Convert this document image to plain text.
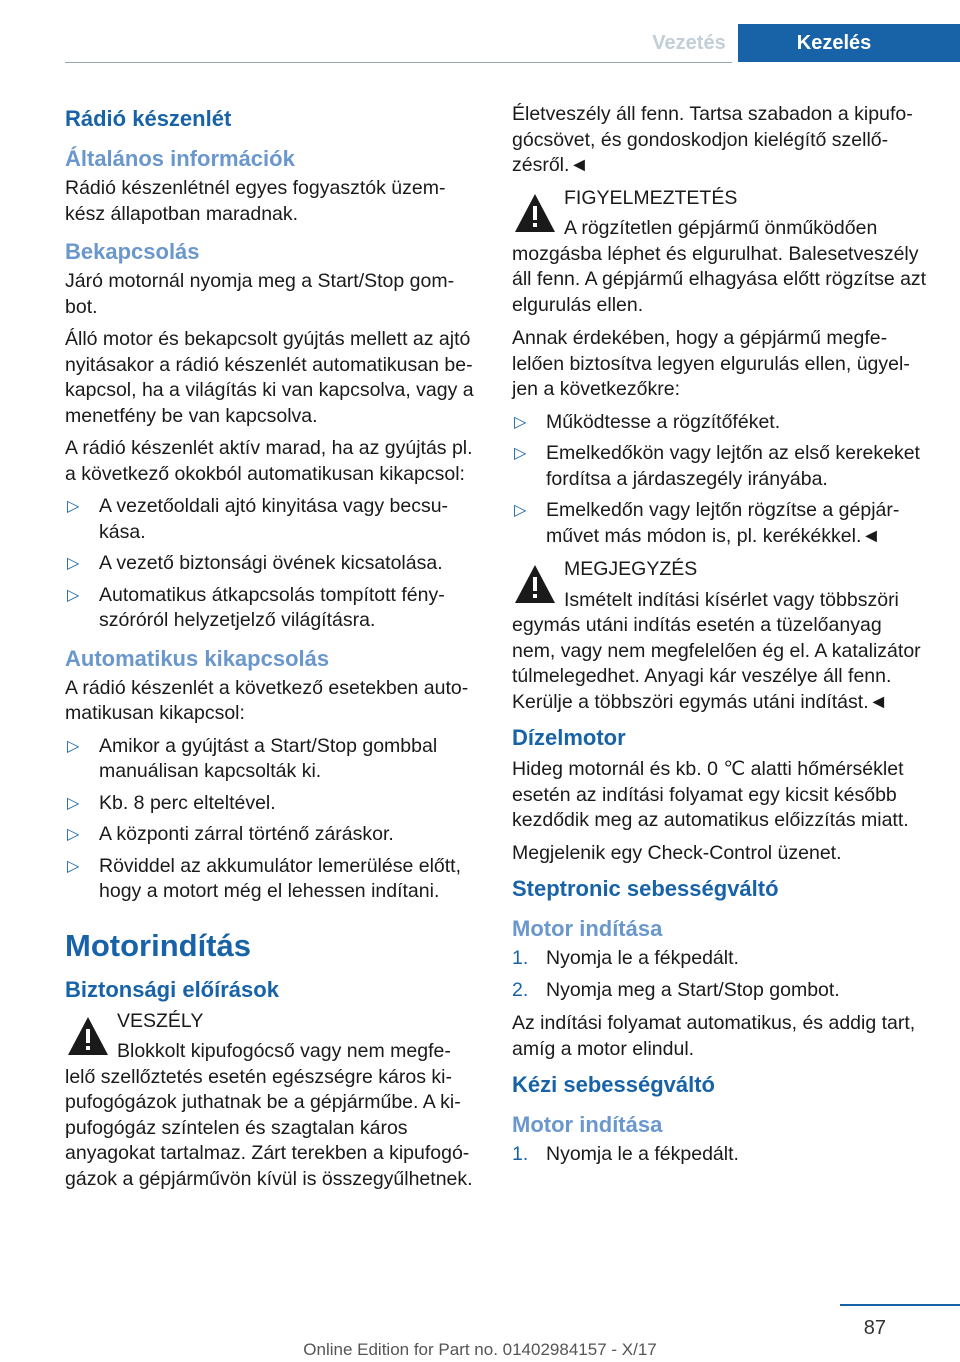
Vezetés	Kezelés
Rádió készenlét
Általános információk

Rádió készenlétnél egyes fogyasztók üzem-kész állapotban maradnak.

Bekapcsolás

Járó motornál nyomja meg a Start/Stop gom-bot.

Álló motor és bekapcsolt gyújtás mellett az ajtó nyitásakor a rádió készenlét automatikusan be-kapcsol, ha a világítás ki van kapcsolva, vagy a menetfény be van kapcsolva.

A rádió készenlét aktív marad, ha az gyújtás pl. a következő okokból automatikusan kikapcsol:

▷ A vezetőoldali ajtó kinyitása vagy becsu-kása.
▷ A vezető biztonsági övének kicsatolása.
▷ Automatikus átkapcsolás tompított fény-szóróról helyzetjelző világításra.
Automatikus kikapcsolás

A rádió készenlét a következő esetekben auto-matikusan kikapcsol:

▷ Amikor a gyújtást a Start/Stop gombbal manuálisan kapcsolták ki.
▷ Kb. 8 perc elteltével.
▷ A központi zárral történő záráskor.
▷ Röviddel az akkumulátor lemerülése előtt, hogy a motort még el lehessen indítani.
Motorindítás
Biztonsági előírások
VESZÉLY
Blokkolt kipufogócső vagy nem megfe-

lelő szellőztetés esetén egészségre káros ki-pufogógázok juthatnak be a gépjárműbe. A ki-pufogógáz színtelen és szagtalan káros anyagokat tartalmaz. Zárt terekben a kipufogó-gázok a gépjárművön kívül is összegyűlhetnek.

Életveszély áll fenn. Tartsa szabadon a kipufo-gócsövet, és gondoskodjon kielégítő szellő-zésről.◄

FIGYELMEZTETÉS
A rögzítetlen gépjármű önműködően

mozgásba léphet és elgurulhat. Balesetveszély áll fenn. A gépjármű elhagyása előtt rögzítse azt elgurulás ellen.

Annak érdekében, hogy a gépjármű megfe-lelően biztosítva legyen elgurulás ellen, ügyel-jen a következőkre:

▷ Működtesse a rögzítőféket.
▷ Emelkedőkön vagy lejtőn az első kerekeket fordítsa a járdaszegély irányába.
▷ Emelkedőn vagy lejtőn rögzítse a gépjár-művet más módon is, pl. kerékékkel.◄
MEGJEGYZÉS
Ismételt indítási kísérlet vagy többszöri

egymás utáni indítás esetén a tüzelőanyag nem, vagy nem megfelelően ég el. A katalizátor túlmelegedhet. Anyagi kár veszélye áll fenn. Kerülje a többszöri egymás utáni indítást.◄

Dízelmotor

Hideg motornál és kb. 0 ℃ alatti hőmérséklet esetén az indítási folyamat egy kicsit később kezdődik meg az automatikus előizzítás miatt.

Megjelenik egy Check-Control üzenet.

Steptronic sebességváltó
Motor indítása
1. Nyomja le a fékpedált.
2. Nyomja meg a Start/Stop gombot.

Az indítási folyamat automatikus, és addig tart, amíg a motor elindul.

Kézi sebességváltó
Motor indítása
1. Nyomja le a fékpedált.
87
Online Edition for Part no. 01402984157 - X/17
